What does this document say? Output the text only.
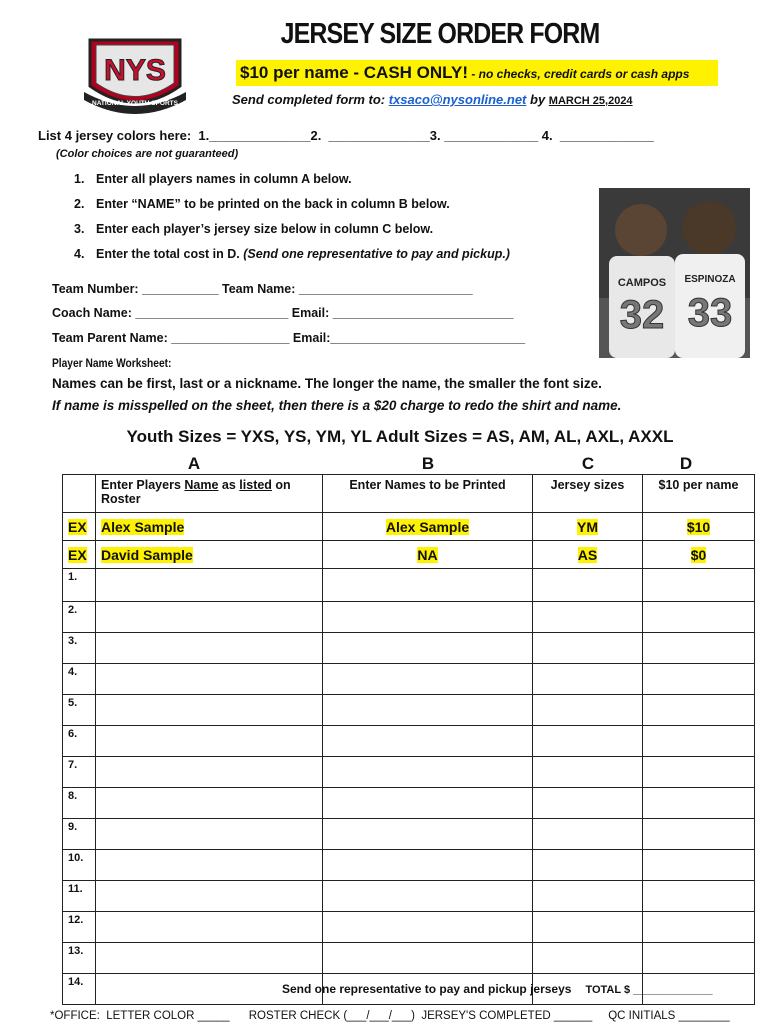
NYS
NATIONAL YOUTH SPORTS
JERSEY SIZE ORDER FORM
$10 per name - CASH ONLY! - no checks, credit cards or cash apps
Send completed form to: txsaco@nysonline.net by MARCH 25,2024
List 4 jersey colors here:  1.______________2.  ______________3. _____________ 4.  _____________
(Color choices are not guaranteed)
1. Enter all players names in column A below.
2. Enter “NAME” to be printed on the back in column B below.
3. Enter each player’s jersey size below in column C below.
4. Enter the total cost in D. (Send one representative to pay and pickup.)
CAMPOS
32
ESPINOZA
33
Team Number: ___________ Team Name: _________________________
Coach Name: ______________________ Email: __________________________
Team Parent Name: _________________ Email:____________________________
Player Name Worksheet:
Names can be first, last or a nickname. The longer the name, the smaller the font size.
If name is misspelled on the sheet, then there is a $20 charge to redo the shirt and name.
Youth Sizes = YXS, YS, YM, YL Adult Sizes = AS, AM, AL, AXL, AXXL
A	B	C	D
	Enter Players Name as listed on Roster	Enter Names to be Printed	Jersey sizes	$10 per name
EX	Alex Sample	Alex Sample	YM	$10
EX	David Sample	NA	AS	$0
1.				
2.				
3.				
4.				
5.				
6.				
7.				
8.				
9.				
10.				
11.				
12.				
13.				
14.					Send one representative to pay and pickup jerseys TOTAL $ _____________
*OFFICE:  LETTER COLOR _____      ROSTER CHECK (___/___/___)  JERSEY'S COMPLETED ______     QC INITIALS ________
